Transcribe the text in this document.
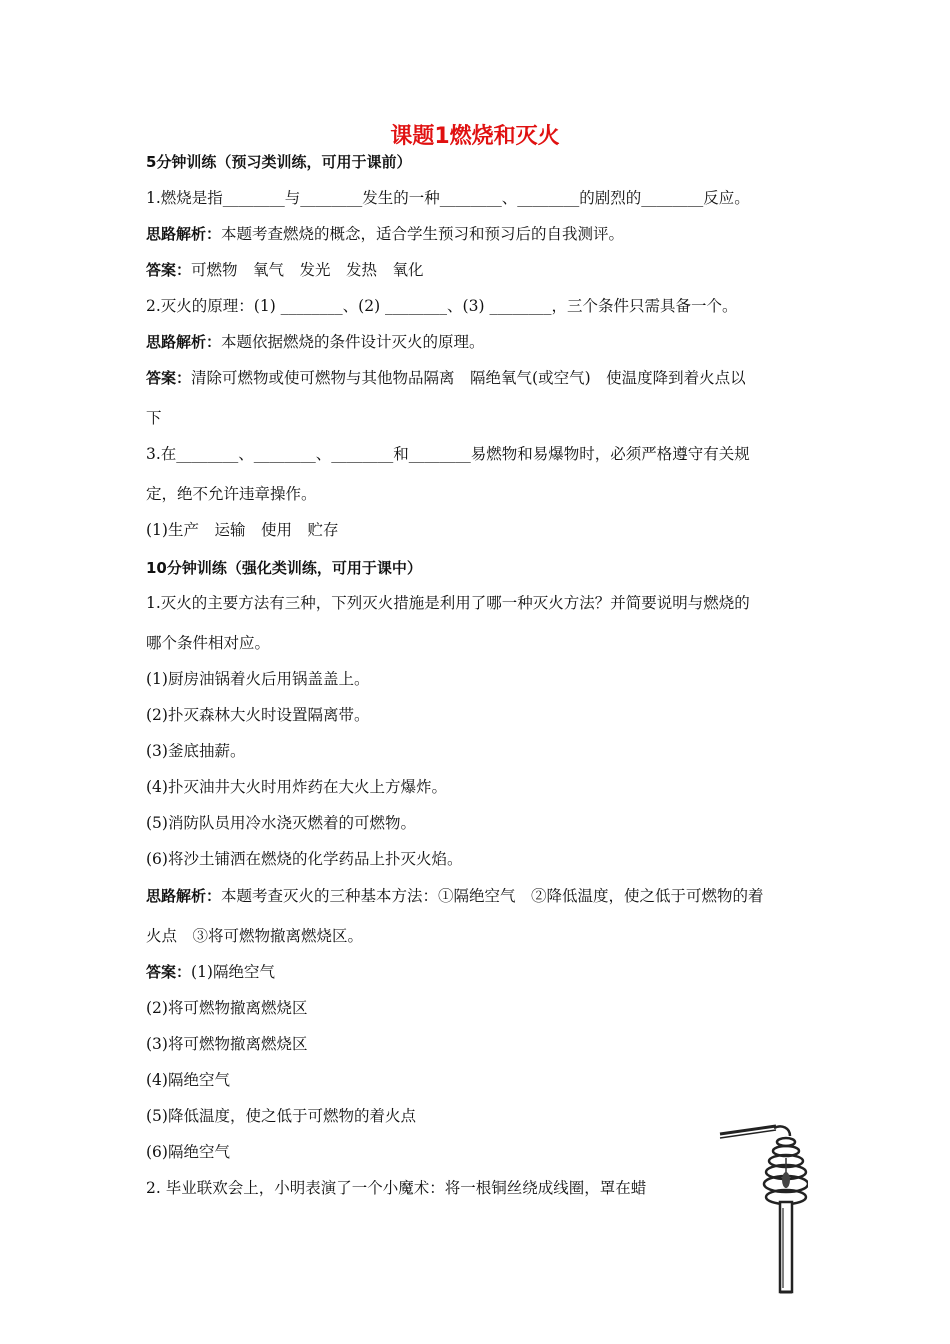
课题1燃烧和灭火
5分钟训练（预习类训练，可用于课前）
1.燃烧是指________与________发生的一种________、________的剧烈的________反应。
思路解析：本题考查燃烧的概念，适合学生预习和预习后的自我测评。
答案：可燃物　氧气　发光　发热　氧化
2.灭火的原理：(1) ________、(2) ________、(3) ________，三个条件只需具备一个。
思路解析：本题依据燃烧的条件设计灭火的原理。
答案：清除可燃物或使可燃物与其他物品隔离　隔绝氧气(或空气)　使温度降到着火点以
下
3.在________、________、________和________易燃物和易爆物时，必须严格遵守有关规
定，绝不允许违章操作。
(1)生产　运输　使用　贮存
10分钟训练（强化类训练，可用于课中）
1.灭火的主要方法有三种，下列灭火措施是利用了哪一种灭火方法？并简要说明与燃烧的
哪个条件相对应。
(1)厨房油锅着火后用锅盖盖上。
(2)扑灭森林大火时设置隔离带。
(3)釜底抽薪。
(4)扑灭油井大火时用炸药在大火上方爆炸。
(5)消防队员用冷水浇灭燃着的可燃物。
(6)将沙土铺洒在燃烧的化学药品上扑灭火焰。
思路解析：本题考查灭火的三种基本方法：①隔绝空气　②降低温度，使之低于可燃物的着
火点　③将可燃物撤离燃烧区。
答案：(1)隔绝空气
(2)将可燃物撤离燃烧区
(3)将可燃物撤离燃烧区
(4)隔绝空气
(5)降低温度，使之低于可燃物的着火点
(6)隔绝空气
2. 毕业联欢会上，小明表演了一个小魔术：将一根铜丝绕成线圈，罩在蜡
